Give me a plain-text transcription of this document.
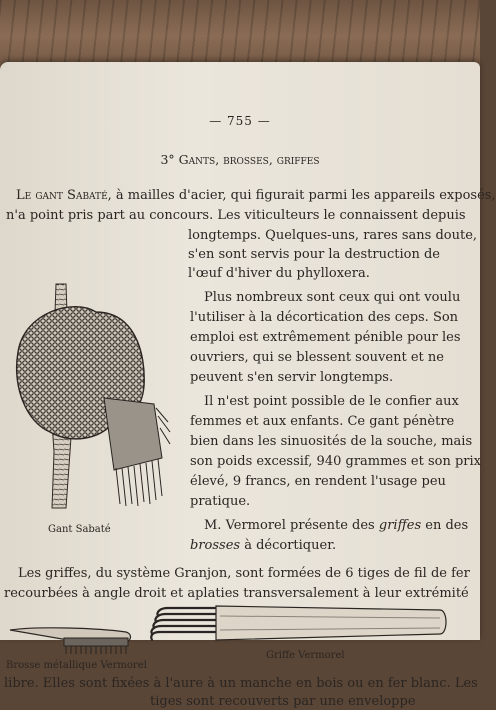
— 755 —
3° Gants, brosses, griffes
Le gant Sabaté, à mailles d'acier, qui figurait parmi les appareils exposés,
n'a point pris part au concours. Les viticulteurs le connaissent depuis
longtemps. Quelques-uns, rares sans doute,
s'en sont servis pour la destruction de
l'œuf d'hiver du phylloxera.
Plus nombreux sont ceux qui ont voulu
l'utiliser à la décortication des ceps. Son
emploi est extrêmement pénible pour les
ouvriers, qui se blessent souvent et ne
peuvent s'en servir longtemps.
Il n'est point possible de le confier aux
femmes et aux enfants. Ce gant pénètre
bien dans les sinuosités de la souche, mais
son poids excessif, 940 grammes et son prix
élevé, 9 francs, en rendent l'usage peu
pratique.
M. Vermorel présente des griffes en des
brosses à décortiquer.
Les griffes, du système Granjon, sont formées de 6 tiges de fil de fer
recourbées à angle droit et aplaties transversalement à leur extrémité
Gant Sabaté
Griffe Vermorel
Brosse métallique Vermorel
libre. Elles sont fixées à l'aure à un manche en bois ou en fer blanc. Les
tiges sont recouverts par une enveloppe
